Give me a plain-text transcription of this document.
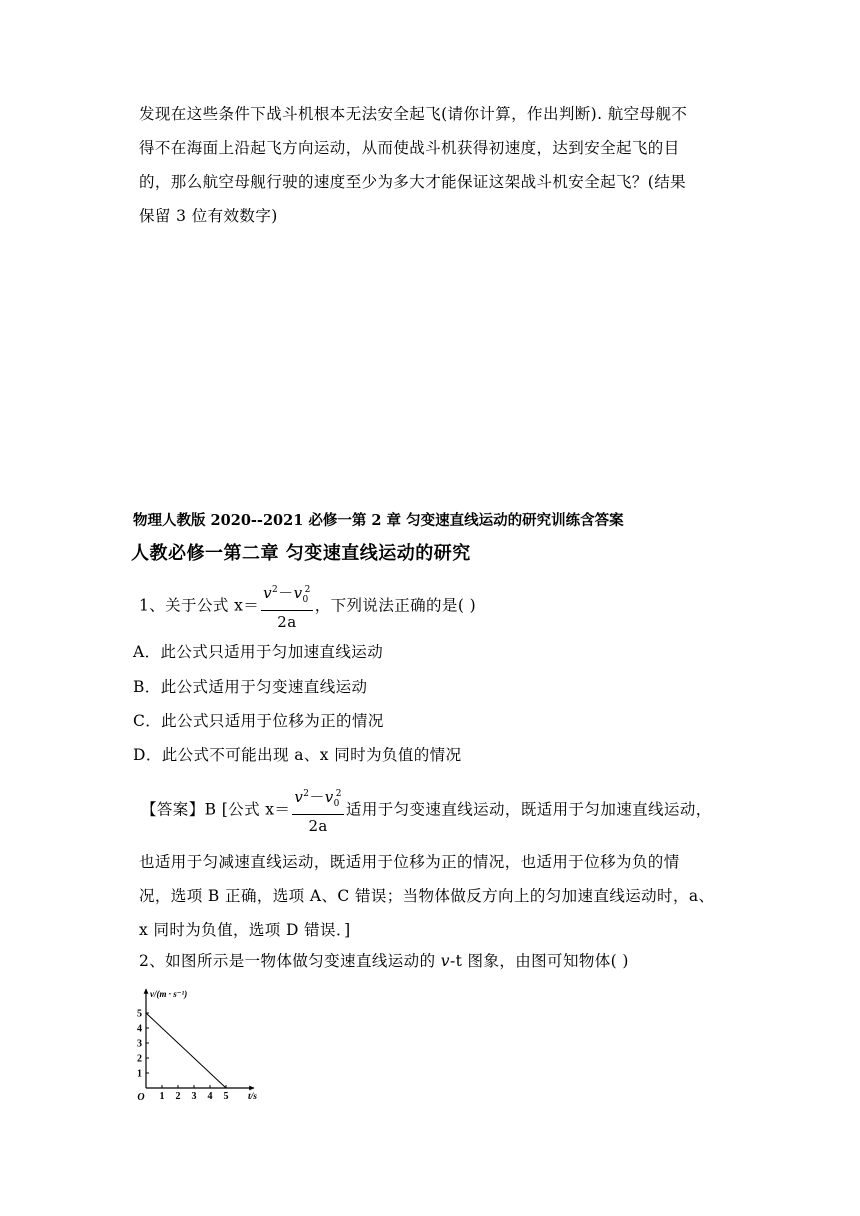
发现在这些条件下战斗机根本无法安全起飞(请你计算，作出判断). 航空母舰不
得不在海面上沿起飞方向运动，从而使战斗机获得初速度，达到安全起飞的目
的，那么航空母舰行驶的速度至少为多大才能保证这架战斗机安全起飞？(结果
保留 3 位有效数字)
物理人教版 2020--2021 必修一第 2 章 匀变速直线运动的研究训练含答案
人教必修一第二章 匀变速直线运动的研究
1、关于公式 $x= \frac{v^2-v_0^2}{2a}$ ，下列说法正确的是( )
A．此公式只适用于匀加速直线运动
B．此公式适用于匀变速直线运动
C．此公式只适用于位移为正的情况
D．此公式不可能出现 a、x 同时为负值的情况
【答案】B [公式 $x= \frac{v^2-v_0^2}{2a}$ 适用于匀变速直线运动，既适用于匀加速直线运动，
也适用于匀减速直线运动，既适用于位移为正的情况，也适用于位移为负的情
况，选项 B 正确，选项 A、C 错误；当物体做反方向上的匀加速直线运动时，a、
x 同时为负值，选项 D 错误．]
2、如图所示是一物体做匀变速直线运动的 v-t 图象，由图可知物体( )
v/(m · s⁻¹)
t/s
O 1 2 3 4 5
1
2
3
4
5
